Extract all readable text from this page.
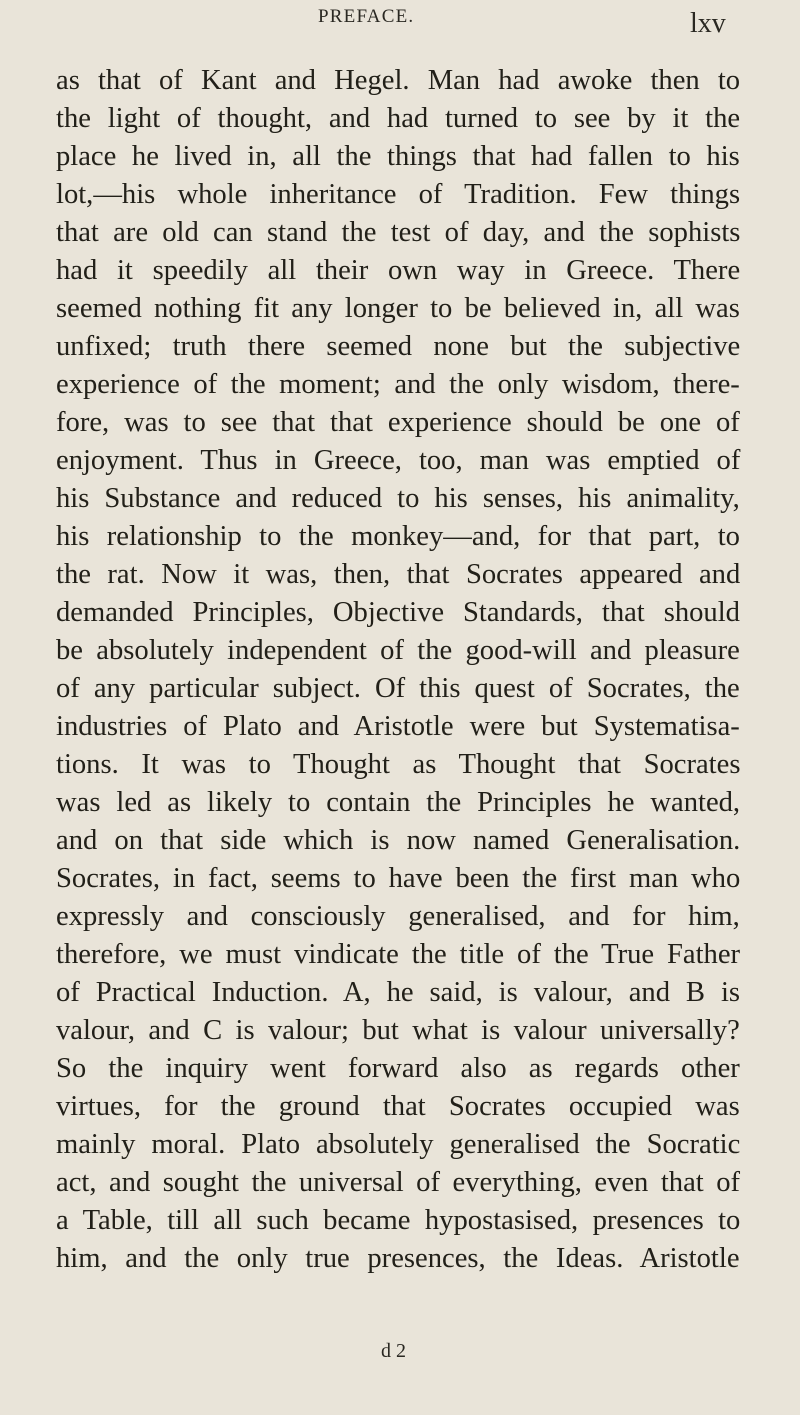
PREFACE.	lxv
as that of Kant and Hegel. Man had awoke then to
the light of thought, and had turned to see by it the
place he lived in, all the things that had fallen to his
lot,—his whole inheritance of Tradition. Few things
that are old can stand the test of day, and the sophists
had it speedily all their own way in Greece. There
seemed nothing fit any longer to be believed in, all was
unfixed; truth there seemed none but the subjective
experience of the moment; and the only wisdom, there-
fore, was to see that that experience should be one of
enjoyment. Thus in Greece, too, man was emptied of
his Substance and reduced to his senses, his animality,
his relationship to the monkey—and, for that part, to
the rat. Now it was, then, that Socrates appeared and
demanded Principles, Objective Standards, that should
be absolutely independent of the good-will and pleasure
of any particular subject. Of this quest of Socrates, the
industries of Plato and Aristotle were but Systematisa-
tions. It was to Thought as Thought that Socrates
was led as likely to contain the Principles he wanted,
and on that side which is now named Generalisation.
Socrates, in fact, seems to have been the first man who
expressly and consciously generalised, and for him,
therefore, we must vindicate the title of the True Father
of Practical Induction. A, he said, is valour, and B is
valour, and C is valour; but what is valour universally?
So the inquiry went forward also as regards other
virtues, for the ground that Socrates occupied was
mainly moral. Plato absolutely generalised the Socratic
act, and sought the universal of everything, even that of
a Table, till all such became hypostasised, presences to
him, and the only true presences, the Ideas. Aristotle
d 2
